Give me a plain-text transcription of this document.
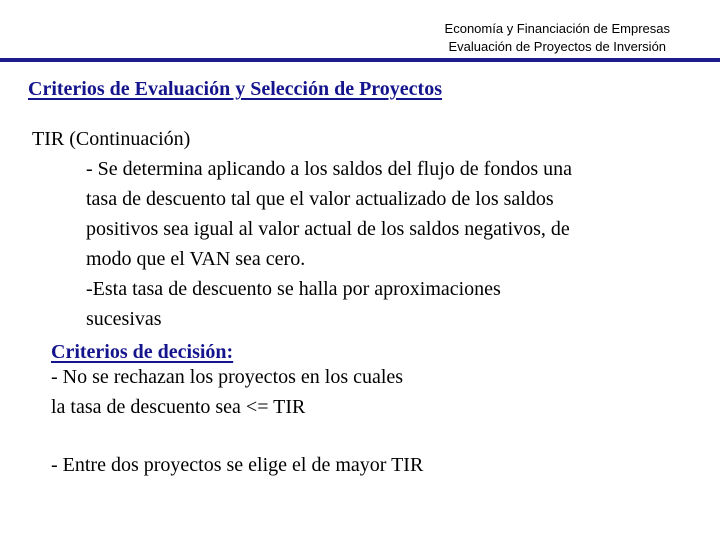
Economía y Financiación de Empresas
Evaluación de Proyectos de Inversión
Criterios de Evaluación y Selección de Proyectos
TIR (Continuación)
- Se determina aplicando a los saldos del flujo de fondos una
tasa de descuento tal que el valor actualizado de los saldos
positivos sea igual al valor actual de los saldos negativos, de
modo que el VAN sea cero.
-Esta tasa de descuento se halla por aproximaciones
sucesivas
Criterios de decisión:
- No se rechazan los proyectos en los cuales
la tasa de descuento sea <= TIR
- Entre dos proyectos se elige el de mayor TIR
